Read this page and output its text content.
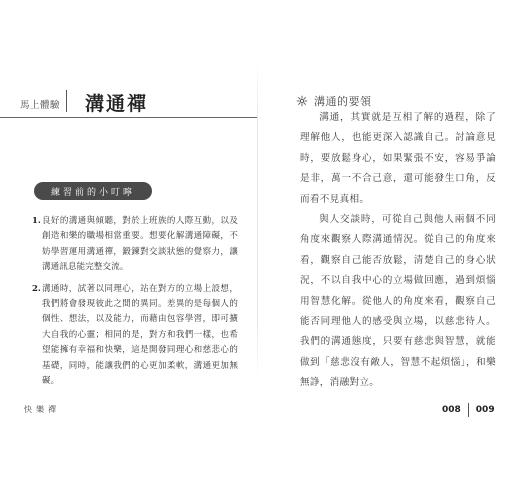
馬上體驗 溝通禪
練習前的小叮嚀
1. 良好的溝通與傾聽，對於上班族的人際互動，以及創造和樂的職場相當重要。想要化解溝通障礙，不妨學習運用溝通禪，鍛鍊對交談狀態的覺察力，讓溝通訊息能完整交流。
2. 溝通時，試著以同理心，站在對方的立場上設想，我們將會發現彼此之間的異同。差異的是每個人的個性、想法，以及能力，而藉由包容學習，即可擴大自我的心靈；相同的是，對方和我們一樣，也希望能擁有幸福和快樂，這是開發同理心和慈悲心的基礎，同時，能讓我們的心更加柔軟，溝通更加無礙。
快樂禪
溝通的要領

溝通，其實就是互相了解的過程，除了理解他人，也能更深入認識自己。討論意見時，要放鬆身心，如果緊張不安，容易爭論是非，萬一不合己意，還可能發生口角，反而看不見真相。

與人交談時，可從自己與他人兩個不同角度來觀察人際溝通情況。從自己的角度來看，觀察自己能否放鬆，清楚自己的身心狀況，不以自我中心的立場做回應，過到煩惱用智慧化解。從他人的角度來看，觀察自己能否同理他人的感受與立場，以慈悲待人。我們的溝通態度，只要有慈悲與智慧，就能做到「慈悲沒有敵人，智慧不起煩惱」，和樂無諍，消融對立。

008 009
